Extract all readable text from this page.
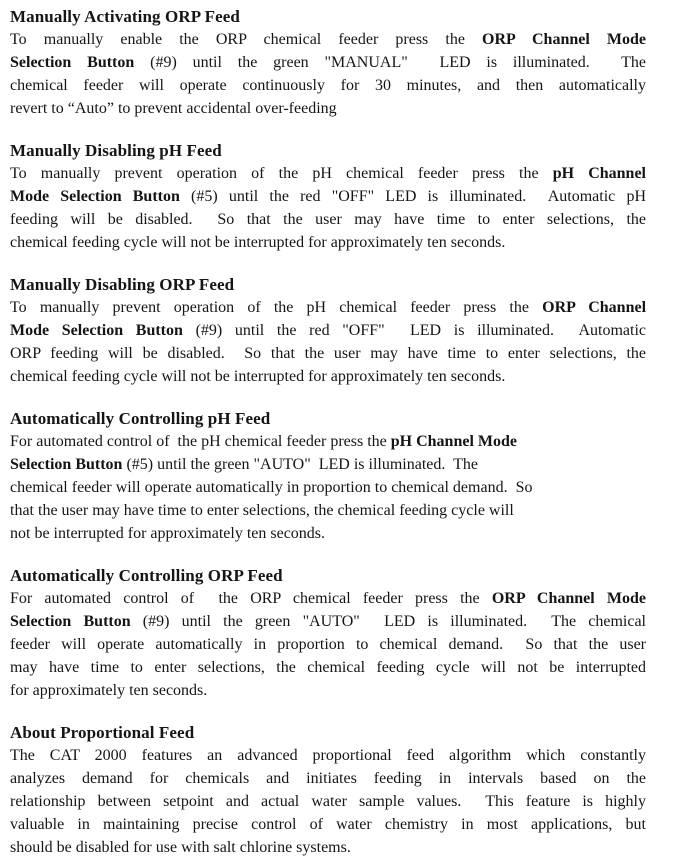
Manually Activating ORP Feed
To manually enable the ORP chemical feeder press the ORP Channel Mode
Selection Button (#9) until the green "MANUAL"  LED is illuminated.  The
chemical feeder will operate continuously for 30 minutes, and then automatically
revert to “Auto” to prevent accidental over-feeding
Manually Disabling pH Feed
To manually prevent operation of the pH chemical feeder press the pH Channel
Mode Selection Button (#5) until the red "OFF" LED is illuminated.  Automatic pH
feeding will be disabled.  So that the user may have time to enter selections, the
chemical feeding cycle will not be interrupted for approximately ten seconds.
Manually Disabling ORP Feed
To manually prevent operation of the pH chemical feeder press the ORP Channel
Mode Selection Button (#9) until the red "OFF"  LED is illuminated.  Automatic
ORP feeding will be disabled.  So that the user may have time to enter selections, the
chemical feeding cycle will not be interrupted for approximately ten seconds.
Automatically Controlling pH Feed
For automated control of  the pH chemical feeder press the pH Channel Mode
Selection Button (#5) until the green "AUTO"  LED is illuminated.  The
chemical feeder will operate automatically in proportion to chemical demand.  So
that the user may have time to enter selections, the chemical feeding cycle will
not be interrupted for approximately ten seconds.
Automatically Controlling ORP Feed
For automated control of  the ORP chemical feeder press the ORP Channel Mode
Selection Button (#9) until the green "AUTO"  LED is illuminated.  The chemical
feeder will operate automatically in proportion to chemical demand.  So that the user
may have time to enter selections, the chemical feeding cycle will not be interrupted
for approximately ten seconds.
About Proportional Feed
The CAT 2000 features an advanced proportional feed algorithm which constantly
analyzes demand for chemicals and initiates feeding in intervals based on the
relationship between setpoint and actual water sample values.  This feature is highly
valuable in maintaining precise control of water chemistry in most applications, but
should be disabled for use with salt chlorine systems.
